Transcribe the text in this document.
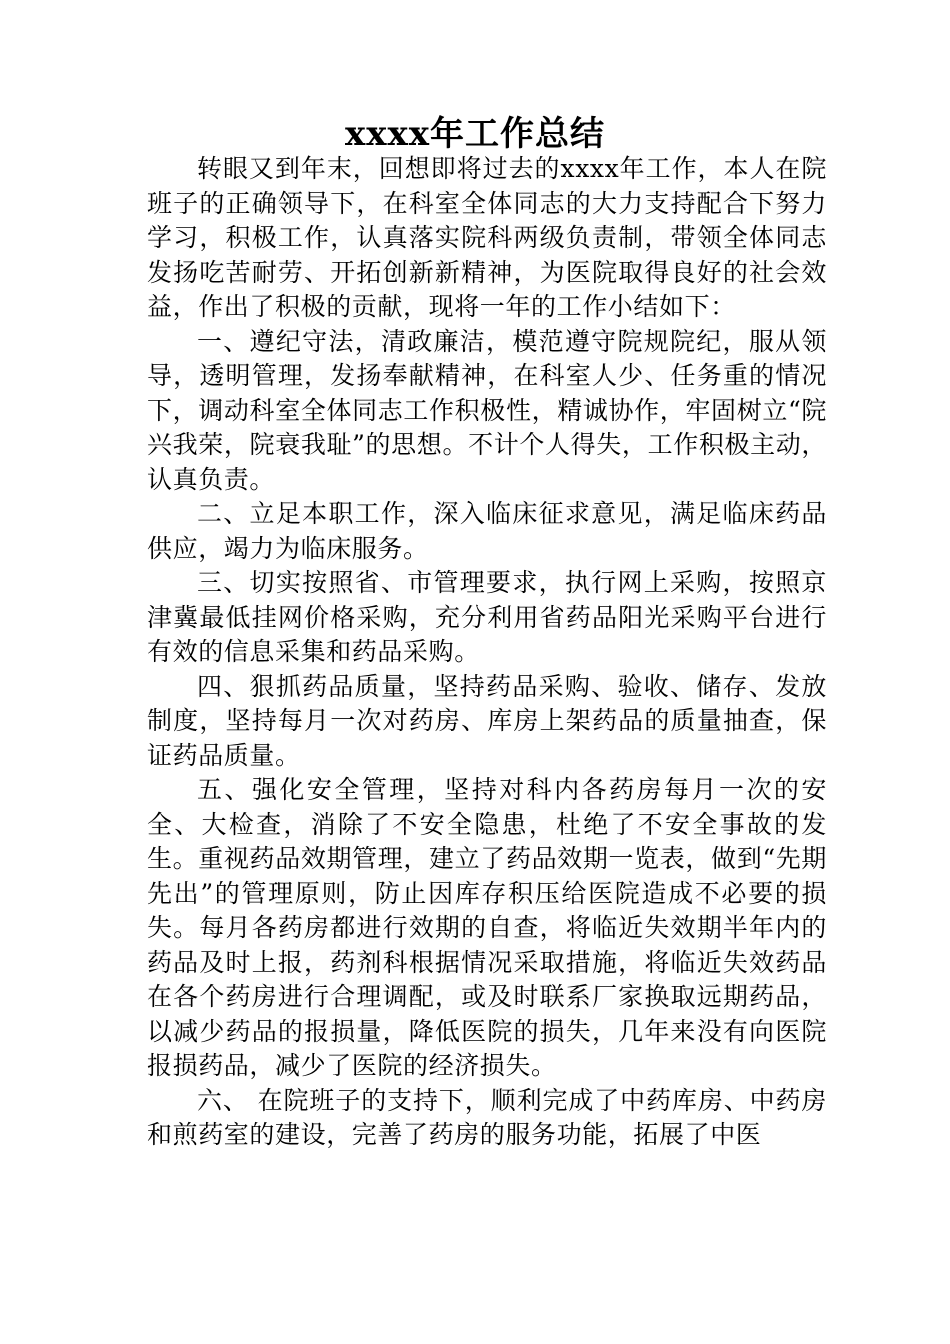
xxxx年工作总结

转眼又到年末，回想即将过去的xxxx年工作，本人在院班子的正确领导下，在科室全体同志的大力支持配合下努力学习，积极工作，认真落实院科两级负责制，带领全体同志发扬吃苦耐劳、开拓创新新精神，为医院取得良好的社会效益，作出了积极的贡献，现将一年的工作小结如下：

一、遵纪守法，清政廉洁，模范遵守院规院纪，服从领导，透明管理，发扬奉献精神，在科室人少、任务重的情况下，调动科室全体同志工作积极性，精诚协作，牢固树立“院兴我荣，院衰我耻”的思想。不计个人得失，工作积极主动，认真负责。

二、立足本职工作，深入临床征求意见，满足临床药品供应，竭力为临床服务。

三、切实按照省、市管理要求，执行网上采购，按照京津冀最低挂网价格采购，充分利用省药品阳光采购平台进行有效的信息采集和药品采购。

四、狠抓药品质量，坚持药品采购、验收、储存、发放制度，坚持每月一次对药房、库房上架药品的质量抽查，保证药品质量。

五、强化安全管理，坚持对科内各药房每月一次的安全、大检查，消除了不安全隐患，杜绝了不安全事故的发生。重视药品效期管理，建立了药品效期一览表，做到“先期先出”的管理原则，防止因库存积压给医院造成不必要的损失。每月各药房都进行效期的自查，将临近失效期半年内的药品及时上报，药剂科根据情况采取措施，将临近失效药品在各个药房进行合理调配，或及时联系厂家换取远期药品，以减少药品的报损量，降低医院的损失，几年来没有向医院报损药品，减少了医院的经济损失。

六、 在院班子的支持下，顺利完成了中药库房、中药房和煎药室的建设，完善了药房的服务功能，拓展了中医
